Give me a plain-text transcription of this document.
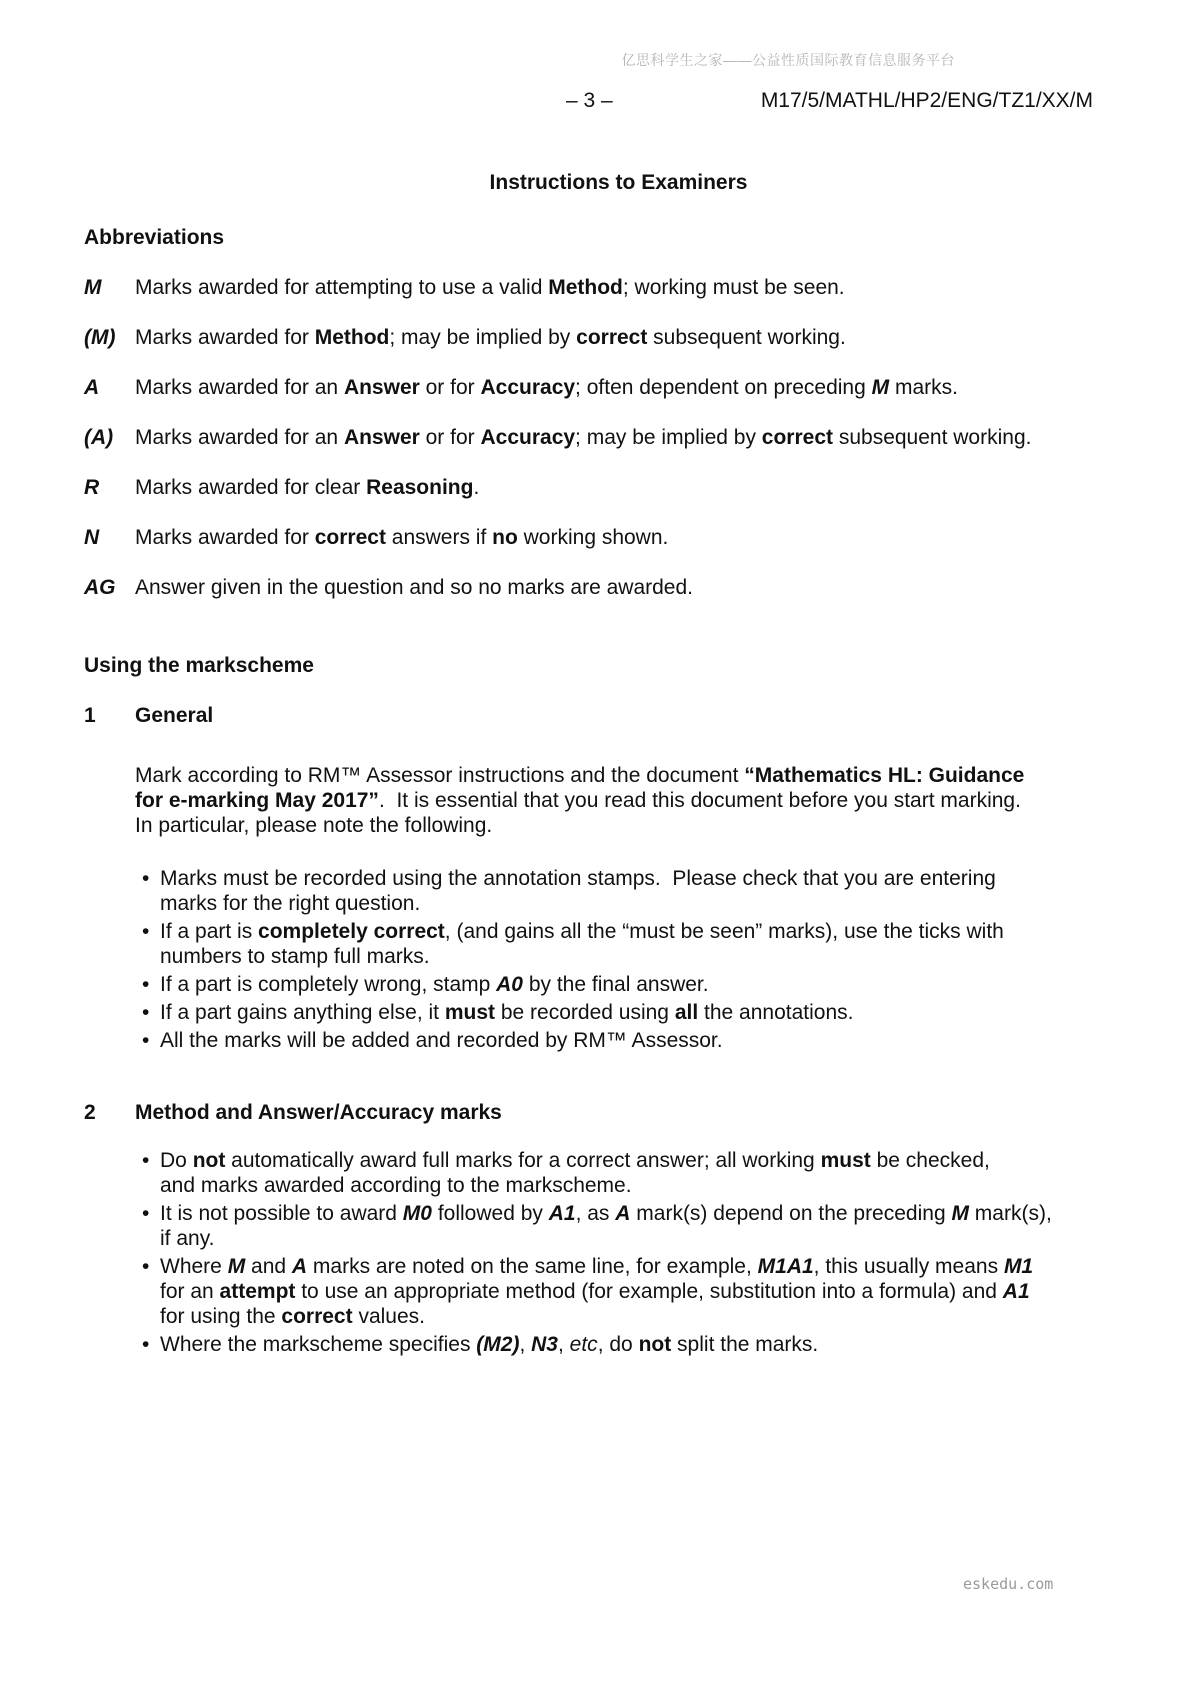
亿思科学生之家——公益性质国际教育信息服务平台
– 3 –	M17/5/MATHL/HP2/ENG/TZ1/XX/M
Instructions to Examiners
Abbreviations
M	Marks awarded for attempting to use a valid Method; working must be seen.
(M) Marks awarded for Method; may be implied by correct subsequent working.
A	Marks awarded for an Answer or for Accuracy; often dependent on preceding M marks.
(A)	Marks awarded for an Answer or for Accuracy; may be implied by correct subsequent working.
R	Marks awarded for clear Reasoning.
N	Marks awarded for correct answers if no working shown.
AG Answer given in the question and so no marks are awarded.
Using the markscheme
1	General

Mark according to RM™ Assessor instructions and the document “Mathematics HL: Guidance
for e-marking May 2017”.  It is essential that you read this document before you start marking.
In particular, please note the following.

• Marks must be recorded using the annotation stamps.  Please check that you are entering
marks for the right question.
• If a part is completely correct, (and gains all the “must be seen” marks), use the ticks with
numbers to stamp full marks.
• If a part is completely wrong, stamp A0 by the final answer.
• If a part gains anything else, it must be recorded using all the annotations.
• All the marks will be added and recorded by RM™ Assessor.
2	Method and Answer/Accuracy marks
• Do not automatically award full marks for a correct answer; all working must be checked,
and marks awarded according to the markscheme.
• It is not possible to award M0 followed by A1, as A mark(s) depend on the preceding M mark(s),
if any.
• Where M and A marks are noted on the same line, for example, M1A1, this usually means M1
for an attempt to use an appropriate method (for example, substitution into a formula) and A1
for using the correct values.
• Where the markscheme specifies (M2), N3, etc, do not split the marks.
eskedu.com
